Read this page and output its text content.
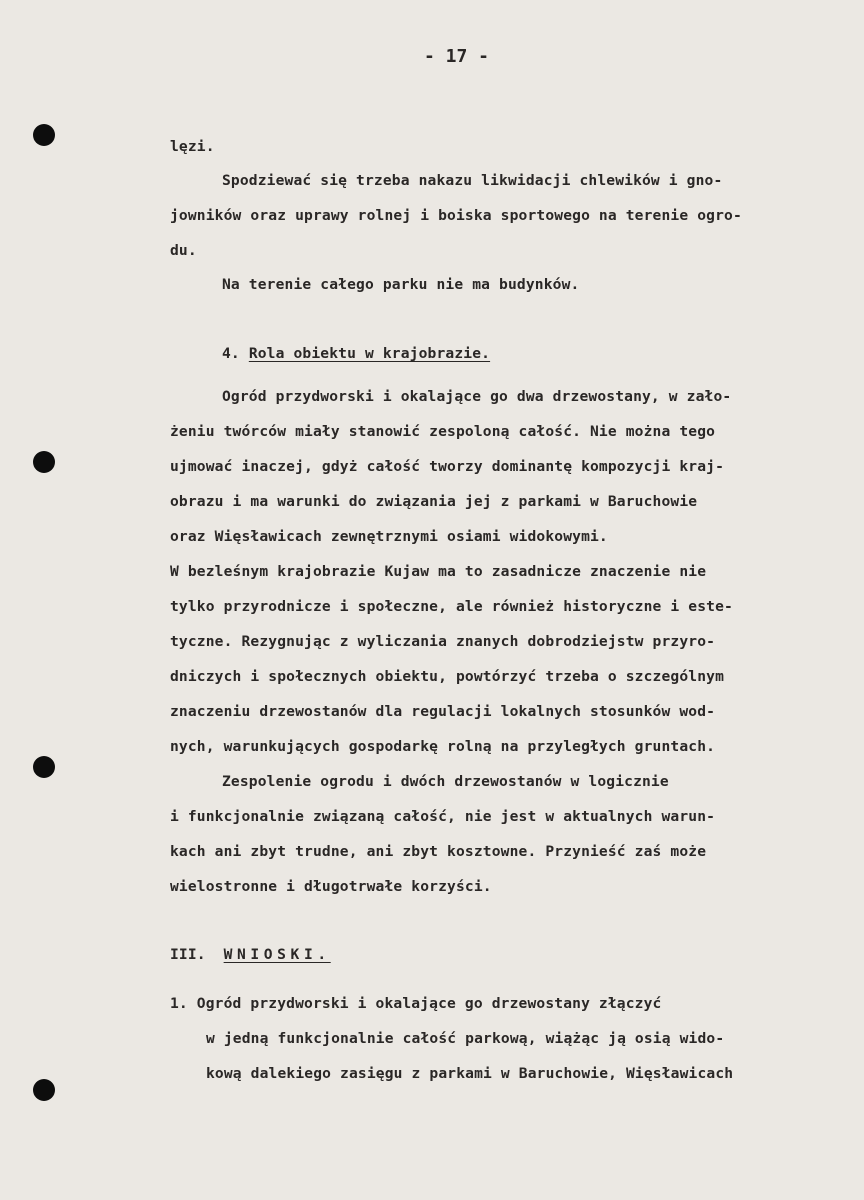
- 17 -
lęzi.
Spodziewać się trzeba nakazu likwidacji chlewików i gno-
jowników oraz uprawy rolnej i boiska sportowego na terenie ogro-
du.
Na terenie całego parku nie ma budynków.
4. Rola obiektu w krajobrazie.
Ogród przydworski i okalające go dwa drzewostany, w zało-
żeniu twórców miały stanowić zespoloną całość. Nie można tego
ujmować inaczej, gdyż całość tworzy dominantę kompozycji kraj-
obrazu i ma warunki do związania jej z parkami w Baruchowie
oraz Więsławicach zewnętrznymi osiami widokowymi.
W bezleśnym krajobrazie Kujaw ma to zasadnicze znaczenie nie
tylko przyrodnicze i społeczne, ale również historyczne i este-
tyczne. Rezygnując z wyliczania znanych dobrodziejstw przyro-
dniczych i społecznych obiektu, powtórzyć trzeba o szczególnym
znaczeniu drzewostanów dla regulacji lokalnych stosunków wod-
nych, warunkujących gospodarkę rolną na przyległych gruntach.
Zespolenie ogrodu i dwóch drzewostanów w logicznie
i funkcjonalnie związaną całość, nie jest w aktualnych warun-
kach ani zbyt trudne, ani zbyt kosztowne. Przynieść zaś może
wielostronne i długotrwałe korzyści.
III. WNIOSKI.
1. Ogród przydworski i okalające go drzewostany złączyć
w jedną funkcjonalnie całość parkową, wiążąc ją osią wido-
kową dalekiego zasięgu z parkami w Baruchowie, Więsławicach
